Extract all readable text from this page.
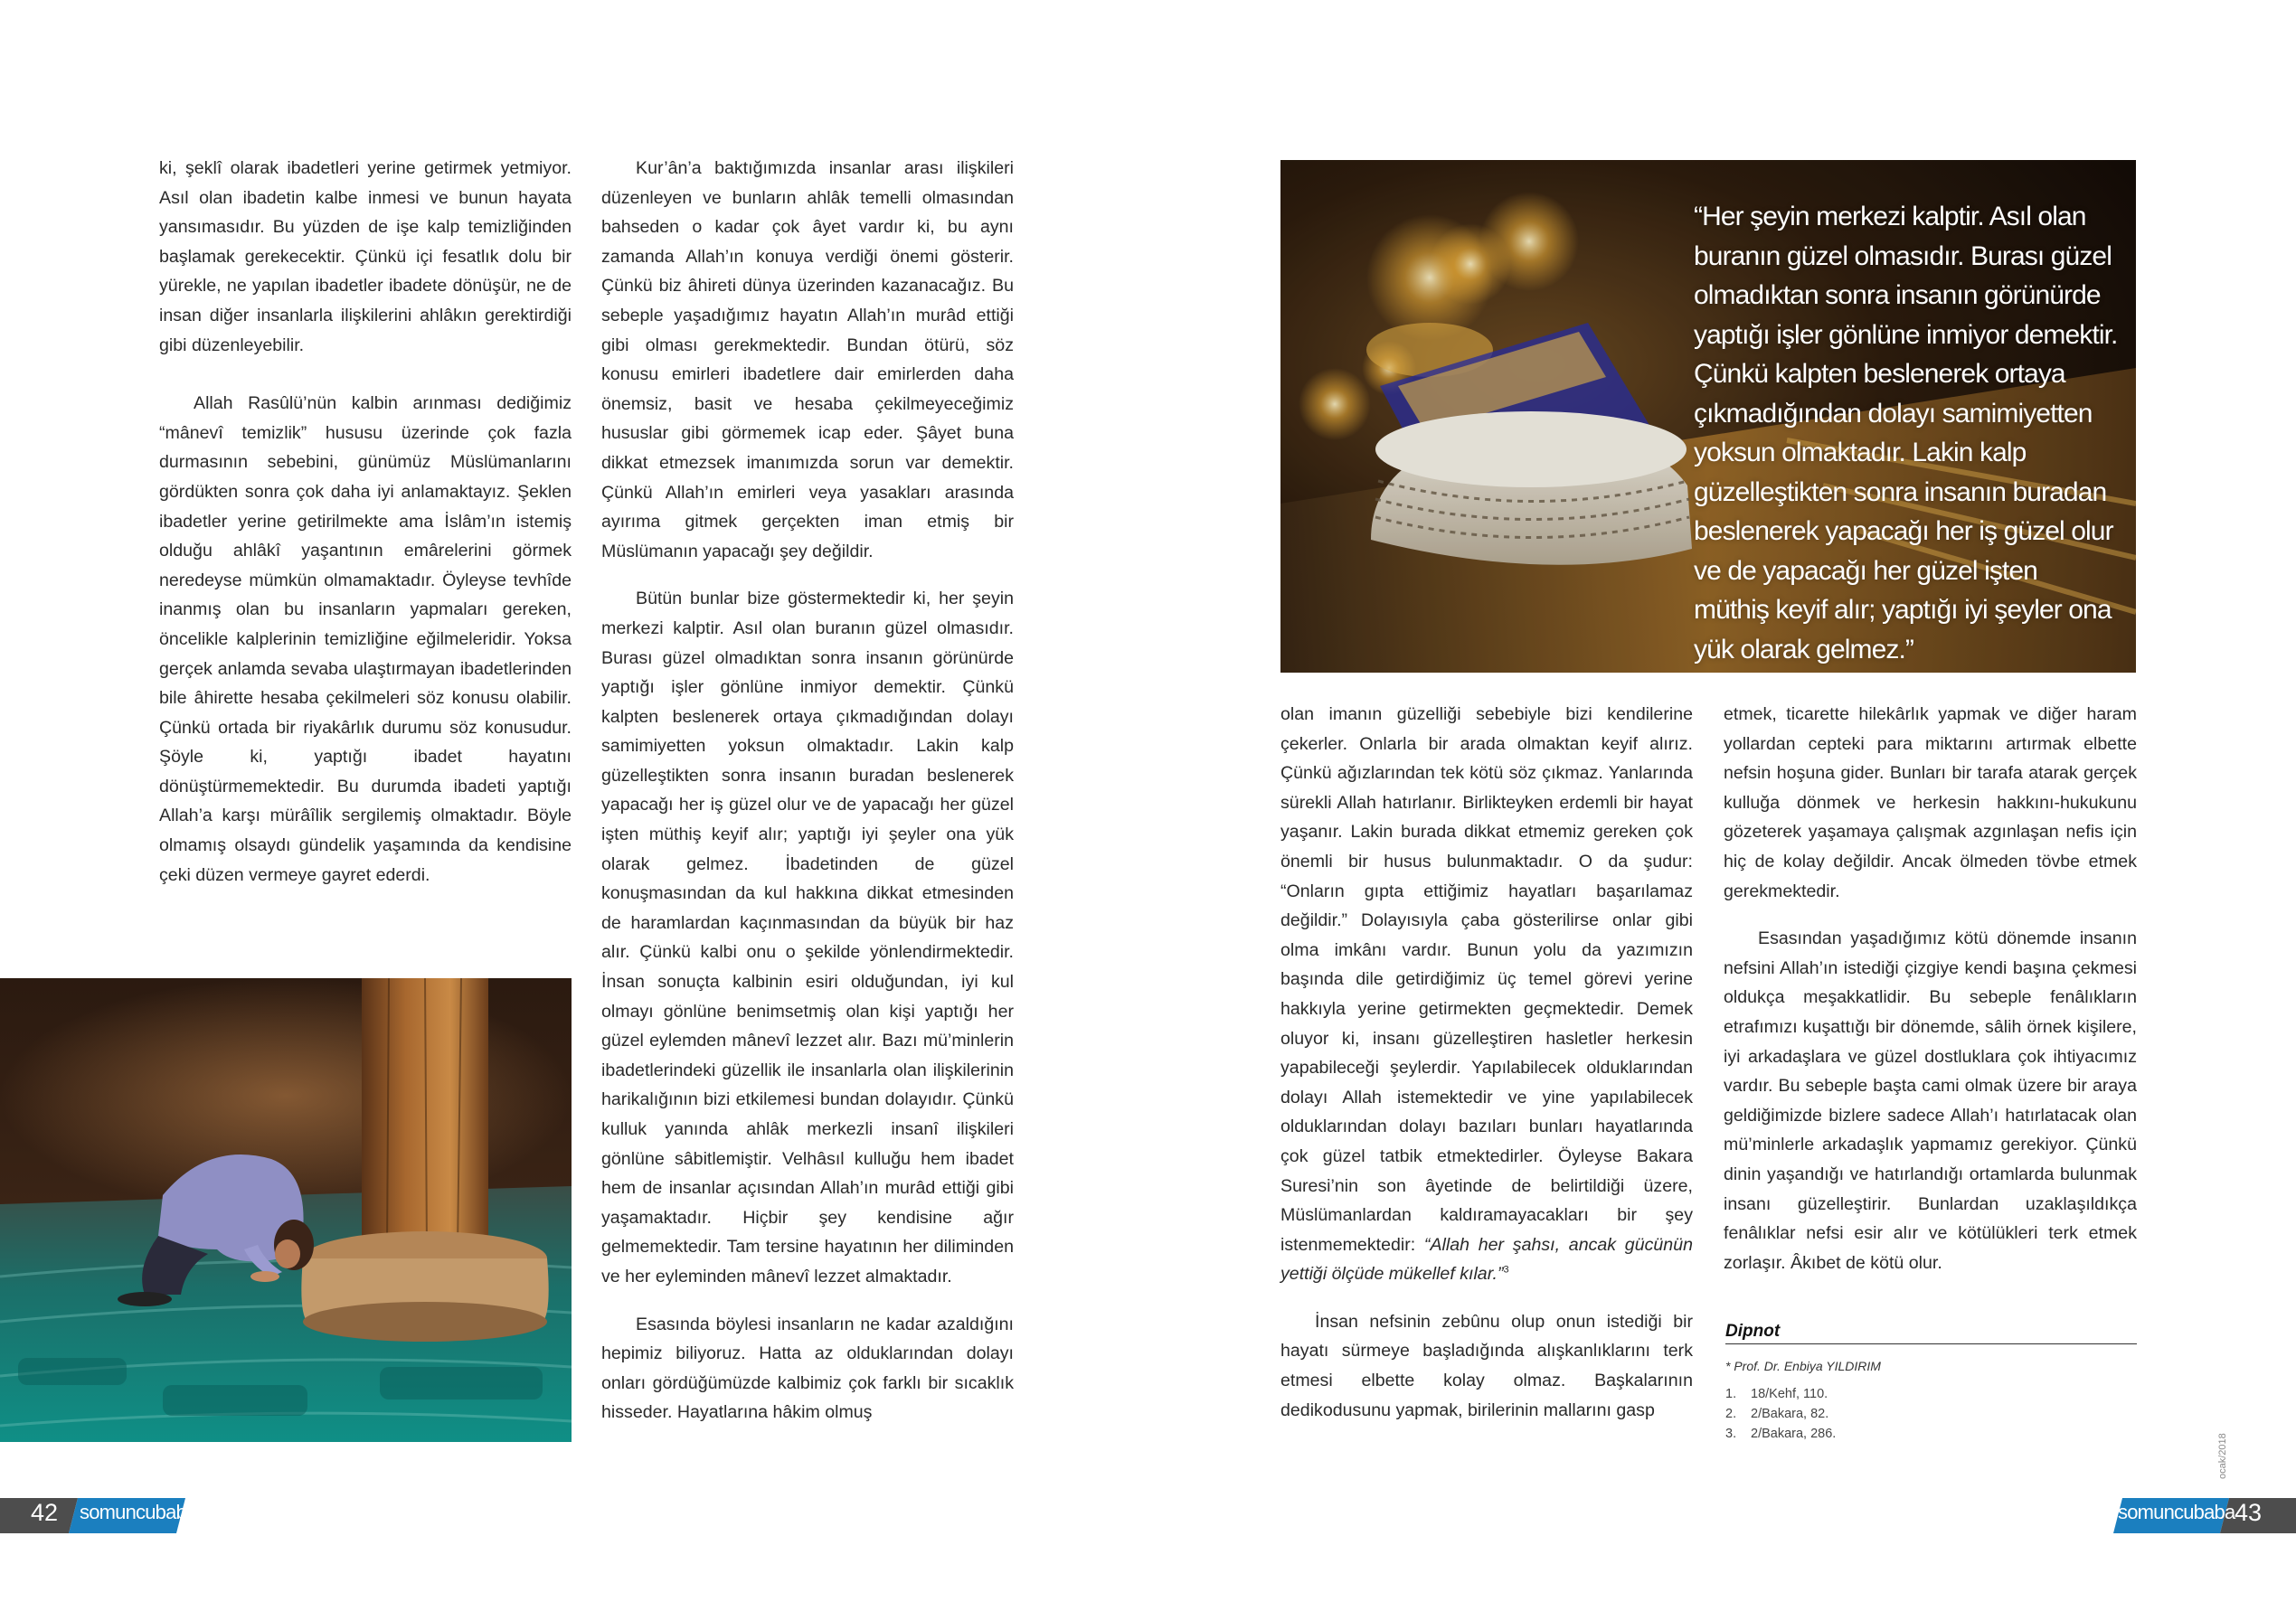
ki, şeklî olarak ibadetleri yerine getirmek yetmiyor. Asıl olan ibadetin kalbe inmesi ve bunun hayata yansımasıdır. Bu yüzden de işe kalp temizliğinden başlamak gerekecektir. Çünkü içi fesatlık dolu bir yürekle, ne yapılan ibadetler ibadete dönüşür, ne de insan diğer insanlarla ilişkilerini ahlâkın gerektirdiği gibi düzenleyebilir.

Allah Rasûlü’nün kalbin arınması dediğimiz “mânevî temizlik” hususu üzerinde çok fazla durmasının sebebini, günümüz Müslümanlarını gördükten sonra çok daha iyi anlamaktayız. Şeklen ibadetler yerine getirilmekte ama İslâm’ın istemiş olduğu ahlâkî yaşantının emârelerini görmek neredeyse mümkün olmamaktadır. Öyleyse tevhîde inanmış olan bu insanların yapmaları gereken, öncelikle kalplerinin temizliğine eğilmeleridir. Yoksa gerçek anlamda sevaba ulaştırmayan ibadetlerinden bile âhirette hesaba çekilmeleri söz konusu olabilir. Çünkü ortada bir riyakârlık durumu söz konusudur. Şöyle ki, yaptığı ibadet hayatını dönüştürmemektedir. Bu durumda ibadeti yaptığı Allah’a karşı mürâîlik sergilemiş olmaktadır. Böyle olmamış olsaydı gündelik yaşamında da kendisine çeki düzen vermeye gayret ederdi.

Kur’ân’a baktığımızda insanlar arası ilişkileri düzenleyen ve bunların ahlâk temelli olmasından bahseden o kadar çok âyet vardır ki, bu aynı zamanda Allah’ın konuya verdiği önemi gösterir. Çünkü biz âhireti dünya üzerinden kazanacağız. Bu sebeple yaşadığımız hayatın Allah’ın murâd ettiği gibi olması gerekmektedir. Bundan ötürü, söz konusu emirleri ibadetlere dair emirlerden daha önemsiz, basit ve hesaba çekilmeyeceğimiz hususlar gibi görmemek icap eder. Şâyet buna dikkat etmezsek imanımızda sorun var demektir. Çünkü Allah’ın emirleri veya yasakları arasında ayırıma gitmek gerçekten iman etmiş bir Müslümanın yapacağı şey değildir.

Bütün bunlar bize göstermektedir ki, her şeyin merkezi kalptir. Asıl olan buranın güzel olmasıdır. Burası güzel olmadıktan sonra insanın görünürde yaptığı işler gönlüne inmiyor demektir. Çünkü kalpten beslenerek ortaya çıkmadığından dolayı samimiyetten yoksun olmaktadır. Lakin kalp güzelleştikten sonra insanın buradan beslenerek yapacağı her iş güzel olur ve de yapacağı her güzel işten müthiş keyif alır; yaptığı iyi şeyler ona yük olarak gelmez. İbadetinden de güzel konuşmasından da kul hakkına dikkat etmesinden de haramlardan kaçınmasından da büyük bir haz alır. Çünkü kalbi onu o şekilde yönlendirmektedir. İnsan sonuçta kalbinin esiri olduğundan, iyi kul olmayı gönlüne benimsetmiş olan kişi yaptığı her güzel eylemden mânevî lezzet alır. Bazı mü’minlerin ibadetlerindeki güzellik ile insanlarla olan ilişkilerinin harikalığının bizi etkilemesi bundan dolayıdır. Çünkü kulluk yanında ahlâk merkezli insanî ilişkileri gönlüne sâbitlemiştir. Velhâsıl kulluğu hem ibadet hem de insanlar açısından Allah’ın murâd ettiği gibi yaşamaktadır. Hiçbir şey kendisine ağır gelmemektedir. Tam tersine hayatının her diliminden ve her eyleminden mânevî lezzet almaktadır.

Esasında böylesi insanların ne kadar azaldığını hepimiz biliyoruz. Hatta az olduklarından dolayı onları gördüğümüzde kalbimiz çok farklı bir sıcaklık hisseder. Hayatlarına hâkim olmuş

42 somuncubaba
“Her şeyin merkezi kalptir. Asıl olan buranın güzel olmasıdır. Burası güzel olmadıktan sonra insanın görünürde yaptığı işler gönlüne inmiyor demektir. Çünkü kalpten beslenerek ortaya çıkmadığından dolayı samimiyetten yoksun olmaktadır. Lakin kalp güzelleştikten sonra insanın buradan beslenerek yapacağı her iş güzel olur ve de yapacağı her güzel işten müthiş keyif alır; yaptığı iyi şeyler ona yük olarak gelmez.”

olan imanın güzelliği sebebiyle bizi kendilerine çekerler. Onlarla bir arada olmaktan keyif alırız. Çünkü ağızlarından tek kötü söz çıkmaz. Yanlarında sürekli Allah hatırlanır. Birlikteyken erdemli bir hayat yaşanır. Lakin burada dikkat etmemiz gereken çok önemli bir husus bulunmaktadır. O da şudur: “Onların gıpta ettiğimiz hayatları başarılamaz değildir.” Dolayısıyla çaba gösterilirse onlar gibi olma imkânı vardır. Bunun yolu da yazımızın başında dile getirdiğimiz üç temel görevi yerine hakkıyla yerine getirmekten geçmektedir. Demek oluyor ki, insanı güzelleştiren hasletler herkesin yapabileceği şeylerdir. Yapılabilecek olduklarından dolayı Allah istemektedir ve yine yapılabilecek olduklarından dolayı bazıları bunları hayatlarında çok güzel tatbik etmektedirler. Öyleyse Bakara Suresi’nin son âyetinde de belirtildiği üzere, Müslümanlardan kaldıramayacakları bir şey istenmemektedir: “Allah her şahsı, ancak gücünün yettiği ölçüde mükellef kılar.”$^3$

İnsan nefsinin zebûnu olup onun istediği bir hayatı sürmeye başladığında alışkanlıklarını terk etmesi elbette kolay olmaz. Başkalarının dedikodusunu yapmak, birilerinin mallarını gasp

etmek, ticarette hilekârlık yapmak ve diğer haram yollardan cepteki para miktarını artırmak elbette nefsin hoşuna gider. Bunları bir tarafa atarak gerçek kulluğa dönmek ve herkesin hakkını-hukukunu gözeterek yaşamaya çalışmak azgınlaşan nefis için hiç de kolay değildir. Ancak ölmeden tövbe etmek gerekmektedir.

Esasından yaşadığımız kötü dönemde insanın nefsini Allah’ın istediği çizgiye kendi başına çekmesi oldukça meşakkatlidir. Bu sebeple fenâlıkların etrafımızı kuşattığı bir dönemde, sâlih örnek kişilere, iyi arkadaşlara ve güzel dostluklara çok ihtiyacımız vardır. Bu sebeple başta cami olmak üzere bir araya geldiğimizde bizlere sadece Allah’ı hatırlatacak olan mü’minlerle arkadaşlık yapmamız gerekiyor. Çünkü dinin yaşandığı ve hatırlandığı ortamlarda bulunmak insanı güzelleştirir. Bunlardan uzaklaşıldıkça fenâlıklar nefsi esir alır ve kötülükleri terk etmek zorlaşır. Âkıbet de kötü olur.

Dipnot
* Prof. Dr. Enbiya YILDIRIM
1. 18/Kehf, 110.
2. 2/Bakara, 82.
3. 2/Bakara, 286.	ocak/2018
somuncubaba 43
